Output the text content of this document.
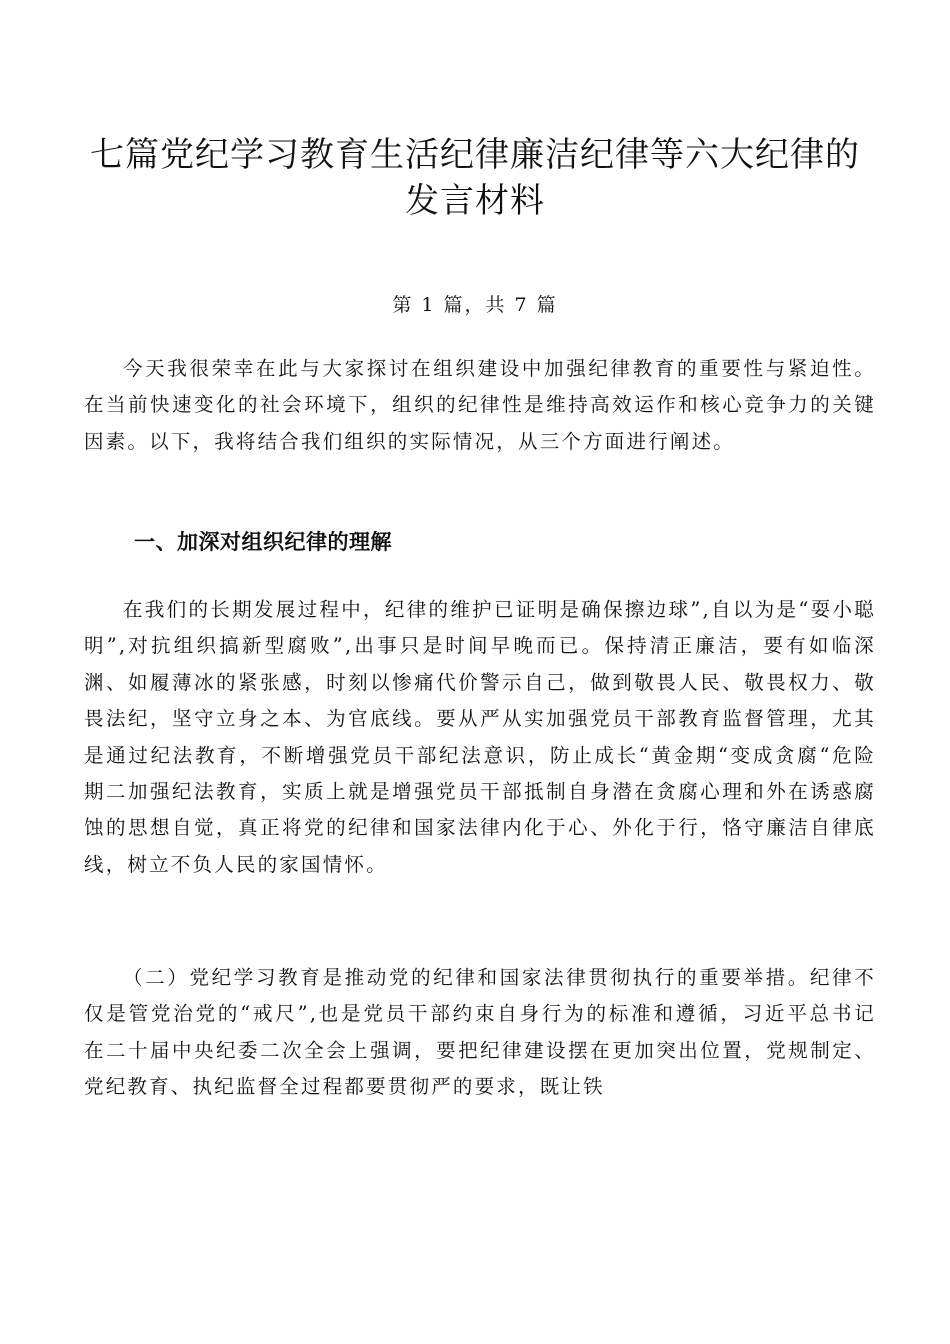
七篇党纪学习教育生活纪律廉洁纪律等六大纪律的
发言材料
第 1 篇，共 7 篇

今天我很荣幸在此与大家探讨在组织建设中加强纪律教育的重要性与紧迫性。在当前快速变化的社会环境下，组织的纪律性是维持高效运作和核心竞争力的关键因素。以下，我将结合我们组织的实际情况，从三个方面进行阐述。

一、加深对组织纪律的理解

在我们的长期发展过程中，纪律的维护已证明是确保擦边球”,自以为是“耍小聪明”,对抗组织搞新型腐败”,出事只是时间早晚而已。保持清正廉洁，要有如临深渊、如履薄冰的紧张感，时刻以惨痛代价警示自己，做到敬畏人民、敬畏权力、敬畏法纪，坚守立身之本、为官底线。要从严从实加强党员干部教育监督管理，尤其是通过纪法教育，不断增强党员干部纪法意识，防止成长“黄金期“变成贪腐“危险期二加强纪法教育，实质上就是增强党员干部抵制自身潜在贪腐心理和外在诱惑腐蚀的思想自觉，真正将党的纪律和国家法律内化于心、外化于行，恪守廉洁自律底线，树立不负人民的家国情怀。

（二）党纪学习教育是推动党的纪律和国家法律贯彻执行的重要举措。纪律不仅是管党治党的“戒尺”,也是党员干部约束自身行为的标准和遵循，习近平总书记在二十届中央纪委二次全会上强调，要把纪律建设摆在更加突出位置，党规制定、党纪教育、执纪监督全过程都要贯彻严的要求，既让铁
